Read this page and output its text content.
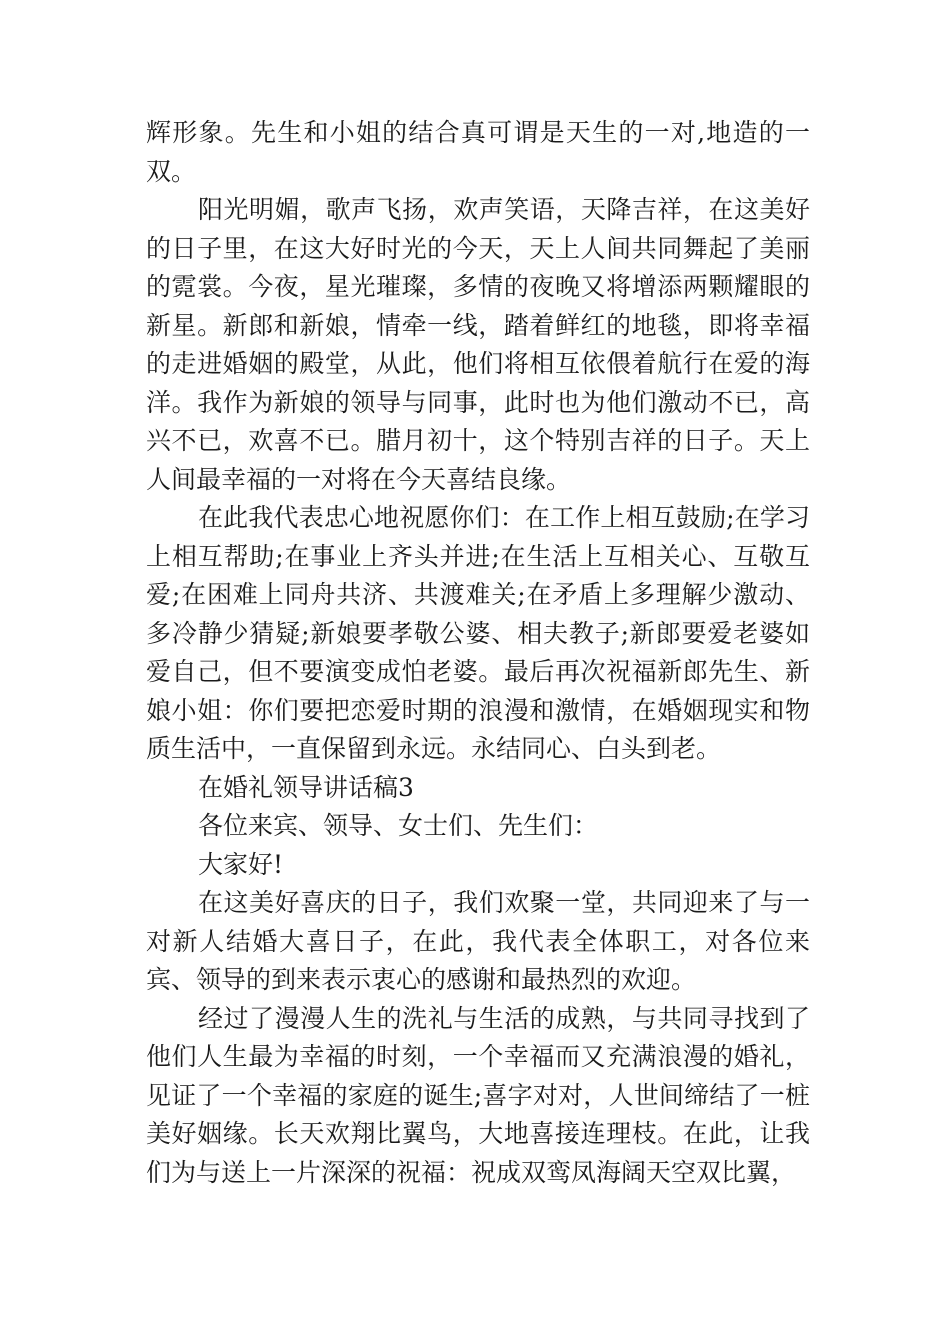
辉形象。先生和小姐的结合真可谓是天生的一对,地造的一双。

阳光明媚，歌声飞扬，欢声笑语，天降吉祥，在这美好的日子里，在这大好时光的今天，天上人间共同舞起了美丽的霓裳。今夜，星光璀璨，多情的夜晚又将增添两颗耀眼的新星。新郎和新娘，情牵一线，踏着鲜红的地毯，即将幸福的走进婚姻的殿堂，从此，他们将相互依偎着航行在爱的海洋。我作为新娘的领导与同事，此时也为他们激动不已，高兴不已，欢喜不已。腊月初十，这个特别吉祥的日子。天上人间最幸福的一对将在今天喜结良缘。

在此我代表忠心地祝愿你们：在工作上相互鼓励;在学习上相互帮助;在事业上齐头并进;在生活上互相关心、互敬互爱;在困难上同舟共济、共渡难关;在矛盾上多理解少激动、多冷静少猜疑;新娘要孝敬公婆、相夫教子;新郎要爱老婆如爱自己，但不要演变成怕老婆。最后再次祝福新郎先生、新娘小姐：你们要把恋爱时期的浪漫和激情，在婚姻现实和物质生活中，一直保留到永远。永结同心、白头到老。

在婚礼领导讲话稿3

各位来宾、领导、女士们、先生们：

大家好!

在这美好喜庆的日子，我们欢聚一堂，共同迎来了与一对新人结婚大喜日子，在此，我代表全体职工，对各位来宾、领导的到来表示衷心的感谢和最热烈的欢迎。

经过了漫漫人生的洗礼与生活的成熟，与共同寻找到了他们人生最为幸福的时刻，一个幸福而又充满浪漫的婚礼，见证了一个幸福的家庭的诞生;喜字对对，人世间缔结了一桩美好姻缘。长天欢翔比翼鸟，大地喜接连理枝。在此，让我们为与送上一片深深的祝福：祝成双鸾凤海阔天空双比翼，
